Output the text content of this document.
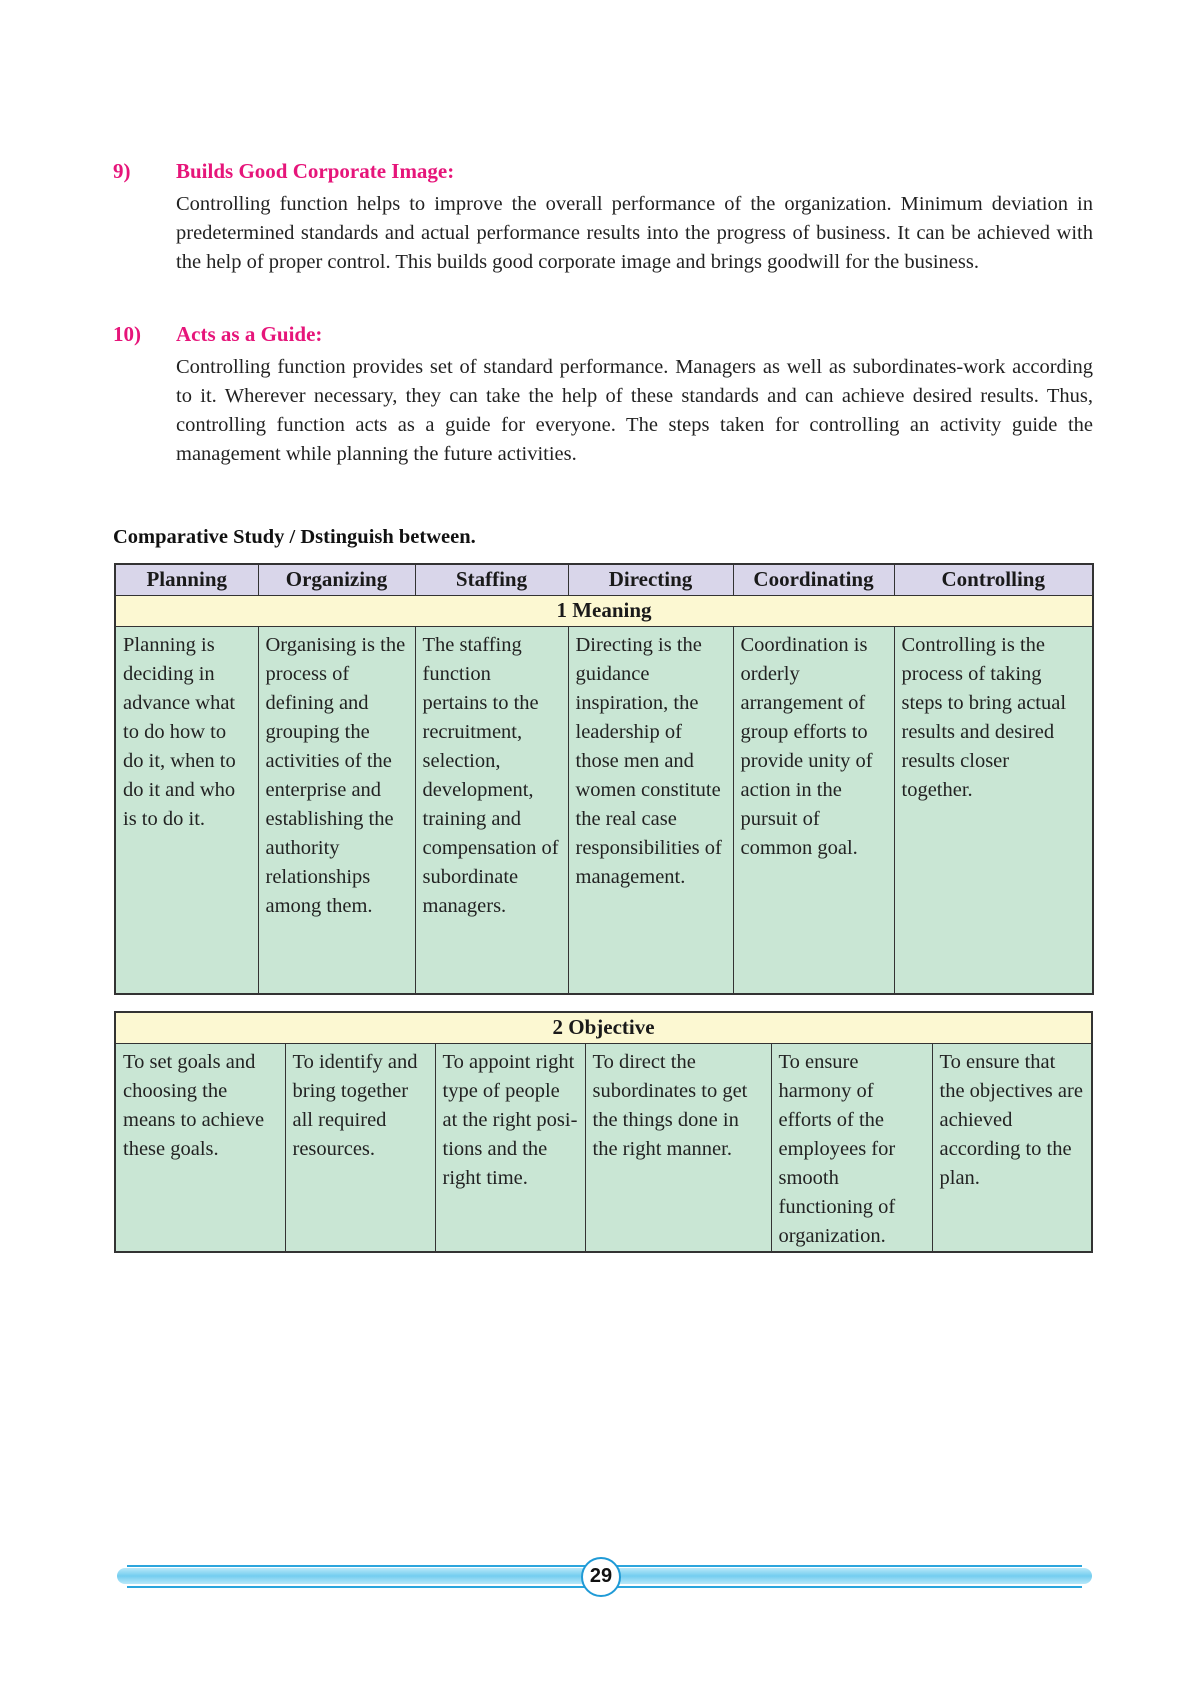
9)	Builds Good Corporate Image:

Controlling function helps to improve the overall performance of the organization. Minimum deviation in predetermined standards and actual performance results into the progress of business. It can be achieved with the help of proper control. This builds good corporate image and brings goodwill for the business.

10)	Acts as a Guide:

Controlling function provides set of standard performance. Managers as well as subordinates-work according to it. Wherever necessary, they can take the help of these standards and can achieve desired results. Thus, controlling function acts as a guide for everyone. The steps taken for controlling an activity guide the management while planning the future activities.

Comparative Study / Dstinguish between.
Planning	Organizing	Staffing	Directing	Coordinating	Controlling
1 Meaning					
Planning is deciding in advance what to do how to do it, when to do it and who is to do it.	Organising is the process of defining and grouping the activities of the enterprise and establishing the authority relationships among them.	The staffing function pertains to the recruitment, selection, development, training and compensation of subordinate managers.	Directing is the guidance inspiration, the leadership of those men and women constitute the real case responsibilities of management.	Coordination is orderly arrangement of group efforts to provide unity of action in the pursuit of common goal.	Controlling is the process of taking steps to bring actual results and desired results closer together.
2 Objective
To set goals and choosing the means to achieve these goals.	To identify and bring together all required resources.	To appoint right type of people at the right posi-tions and the right time.	To direct the subordinates to get the things done in the right manner.	To ensure harmony of efforts of the employees for smooth functioning of organization.	To ensure that the objectives are achieved according to the plan.
29
